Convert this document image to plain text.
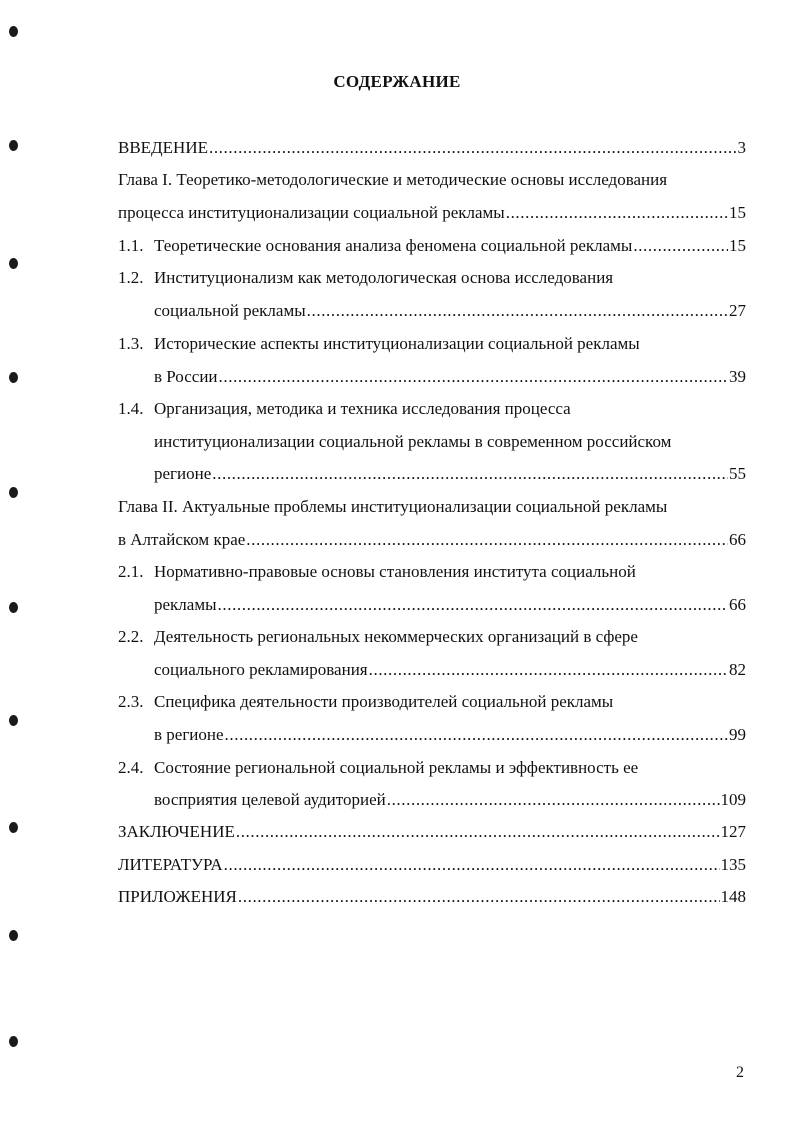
СОДЕРЖАНИЕ
ВВЕДЕНИЕ .....	3
Глава I. Теоретико-методологические и методические основы исследования
процесса институционализации социальной рекламы .....	15
1.1. Теоретические основания анализа феномена социальной рекламы .....	15
1.2. Институционализм как методологическая основа исследования
социальной рекламы .....	27
1.3. Исторические аспекты институционализации социальной рекламы
в России .....	39
1.4. Организация, методика и техника исследования процесса
институционализации социальной рекламы в современном российском
регионе .....	55
Глава II. Актуальные проблемы институционализации социальной рекламы
в Алтайском крае .....	66
2.1. Нормативно-правовые основы становления института социальной
рекламы .....	66
2.2. Деятельность региональных некоммерческих организаций в сфере
социального рекламирования .....	82
2.3. Специфика деятельности производителей социальной рекламы
в регионе .....	99
2.4. Состояние региональной социальной рекламы и эффективность ее
восприятия целевой аудиторией .....	109
ЗАКЛЮЧЕНИЕ .....	127
ЛИТЕРАТУРА .....	135
ПРИЛОЖЕНИЯ .....	148
2
